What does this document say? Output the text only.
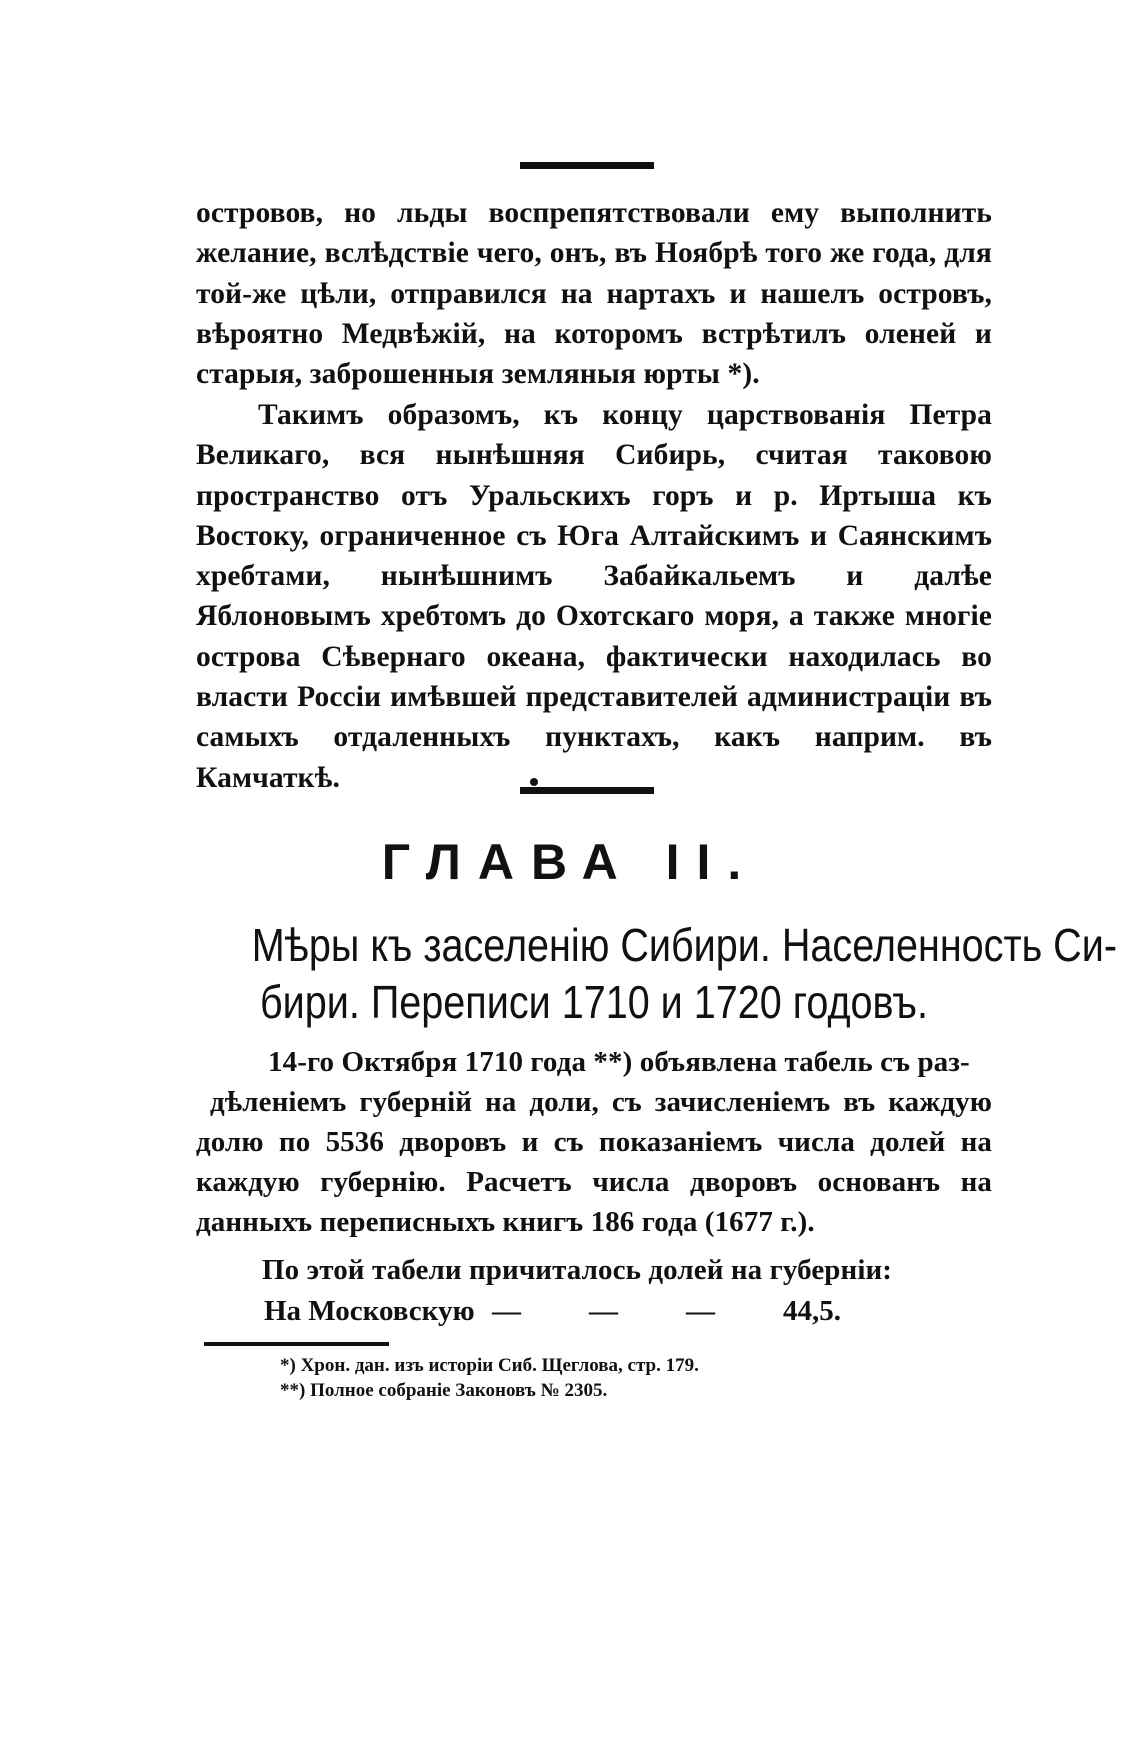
островов, но льды воспрепятствовали ему выполнить желание, вслѣдствіе чего, онъ, въ Ноябрѣ того же года, для той-же цѣли, отправился на нартахъ и нашелъ островъ, вѣроятно Медвѣжій, на которомъ встрѣтилъ оленей и старыя, заброшенныя земляныя юрты *).

Такимъ образомъ, къ концу царствованія Петра Великаго, вся нынѣшняя Сибирь, считая таковою пространство отъ Уральскихъ горъ и р. Иртыша къ Востоку, ограниченное съ Юга Алтайскимъ и Саянскимъ хребтами, нынѣшнимъ Забайкальемъ и далѣе Яблоновымъ хребтомъ до Охотскаго моря, а также многіе острова Сѣвернаго океана, фактически находилась во власти Россіи имѣвшей представителей администраціи въ самыхъ отдаленныхъ пунктахъ, какъ наприм. въ Камчаткѣ.

ГЛАВА II.
Мѣры къ заселенію Сибири. Населенность Си-
бири. Переписи 1710 и 1720 годовъ.

14-го Октября 1710 года **) объявлена табель съ раз-
дѣленіемъ губерній на доли, съ зачисленіемъ въ каждую долю по 5536 дворовъ и съ показаніемъ числа долей на каждую губернію. Расчетъ числа дворовъ основанъ на данныхъ переписныхъ книгъ 186 года (1677 г.).

По этой табели причиталось долей на губерніи:

На Московскую — — — 44,5.

*) Хрон. дан. изъ исторіи Сиб. Щеглова, стр. 179.

**) Полное собраніе Законовъ № 2305.
